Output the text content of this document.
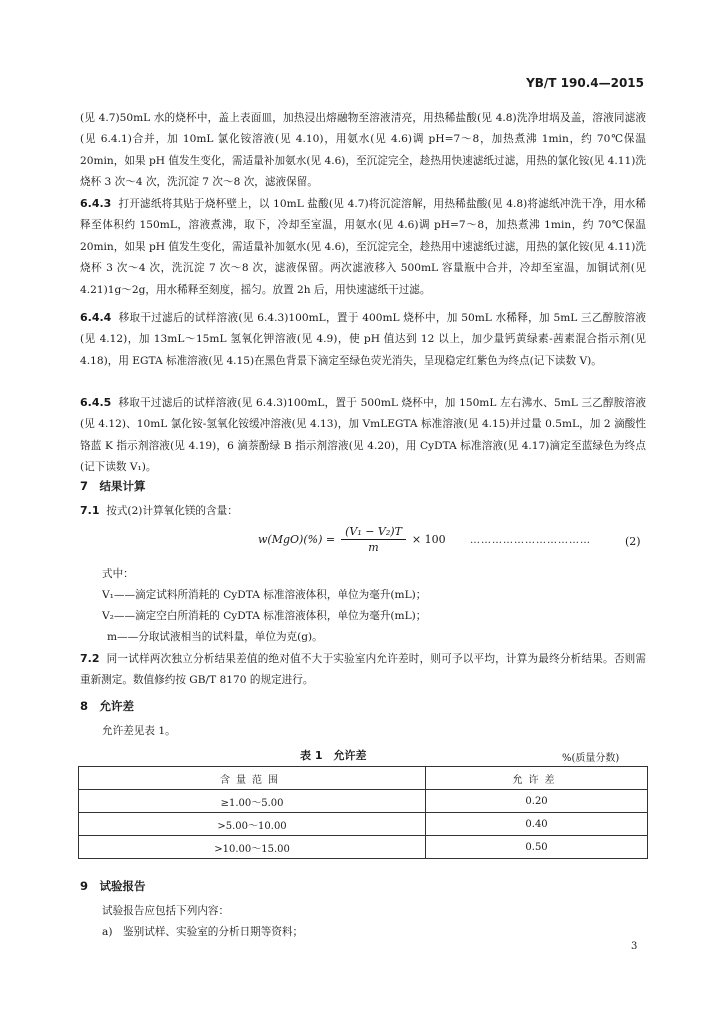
YB/T 190.4—2015
(见 4.7)50mL 水的烧杯中，盖上表面皿，加热浸出熔融物至溶液清亮，用热稀盐酸(见 4.8)洗净坩埚及盖，溶液同滤液(见 6.4.1)合并，加 10mL 氯化铵溶液(见 4.10)，用氨水(见 4.6)调 pH=7～8，加热煮沸 1min，约 70℃保温 20min，如果 pH 值发生变化，需适量补加氨水(见 4.6)，至沉淀完全，趁热用快速滤纸过滤，用热的氯化铵(见 4.11)洗烧杯 3 次～4 次，洗沉淀 7 次～8 次，滤液保留。
6.4.3 打开滤纸将其贴于烧杯壁上，以 10mL 盐酸(见 4.7)将沉淀溶解，用热稀盐酸(见 4.8)将滤纸冲洗干净，用水稀释至体积约 150mL，溶液煮沸，取下，冷却至室温，用氨水(见 4.6)调 pH=7～8，加热煮沸 1min，约 70℃保温 20min，如果 pH 值发生变化，需适量补加氨水(见 4.6)，至沉淀完全，趁热用中速滤纸过滤，用热的氯化铵(见 4.11)洗烧杯 3 次～4 次，洗沉淀 7 次～8 次，滤液保留。两次滤液移入 500mL 容量瓶中合并，冷却至室温，加铜试剂(见 4.21)1g～2g，用水稀释至刻度，摇匀。放置 2h 后，用快速滤纸干过滤。
6.4.4 移取干过滤后的试样溶液(见 6.4.3)100mL，置于 400mL 烧杯中，加 50mL 水稀释，加 5mL 三乙醇胺溶液(见 4.12)，加 13mL～15mL 氢氧化钾溶液(见 4.9)，使 pH 值达到 12 以上，加少量钙黄绿素-茜素混合指示剂(见 4.18)，用 EGTA 标准溶液(见 4.15)在黑色背景下滴定至绿色荧光消失，呈现稳定红紫色为终点(记下读数 V)。
6.4.5 移取干过滤后的试样溶液(见 6.4.3)100mL，置于 500mL 烧杯中，加 150mL 左右沸水、5mL 三乙醇胺溶液(见 4.12)、10mL 氯化铵-氢氧化铵缓冲溶液(见 4.13)，加 VmLEGTA 标准溶液(见 4.15)并过量 0.5mL，加 2 滴酸性铬蓝 K 指示剂溶液(见 4.19)，6 滴萘酚绿 B 指示剂溶液(见 4.20)，用 CyDTA 标准溶液(见 4.17)滴定至蓝绿色为终点(记下读数 V₁)。
7　结果计算
7.1 按式(2)计算氧化镁的含量：
$w(MgO)(\%) = \frac{\text{(V₁ − V₂)T}}{m} \times 100$ ……………………………	(2)
式中：
V₁——滴定试料所消耗的 CyDTA 标准溶液体积，单位为毫升(mL)；
V₂——滴定空白所消耗的 CyDTA 标准溶液体积，单位为毫升(mL)；
m——分取试液相当的试料量，单位为克(g)。
7.2 同一试样两次独立分析结果差值的绝对值不大于实验室内允许差时，则可予以平均，计算为最终分析结果。否则需重新测定。数值修约按 GB/T 8170 的规定进行。
8　允许差
允许差见表 1。
表 1　允许差	%(质量分数)
含量范围	允许差
≥1.00～5.00	0.20
>5.00～10.00	0.40
>10.00～15.00	0.50
9　试验报告
试验报告应包括下列内容：
a)　鉴别试样、实验室的分析日期等资料；
3
